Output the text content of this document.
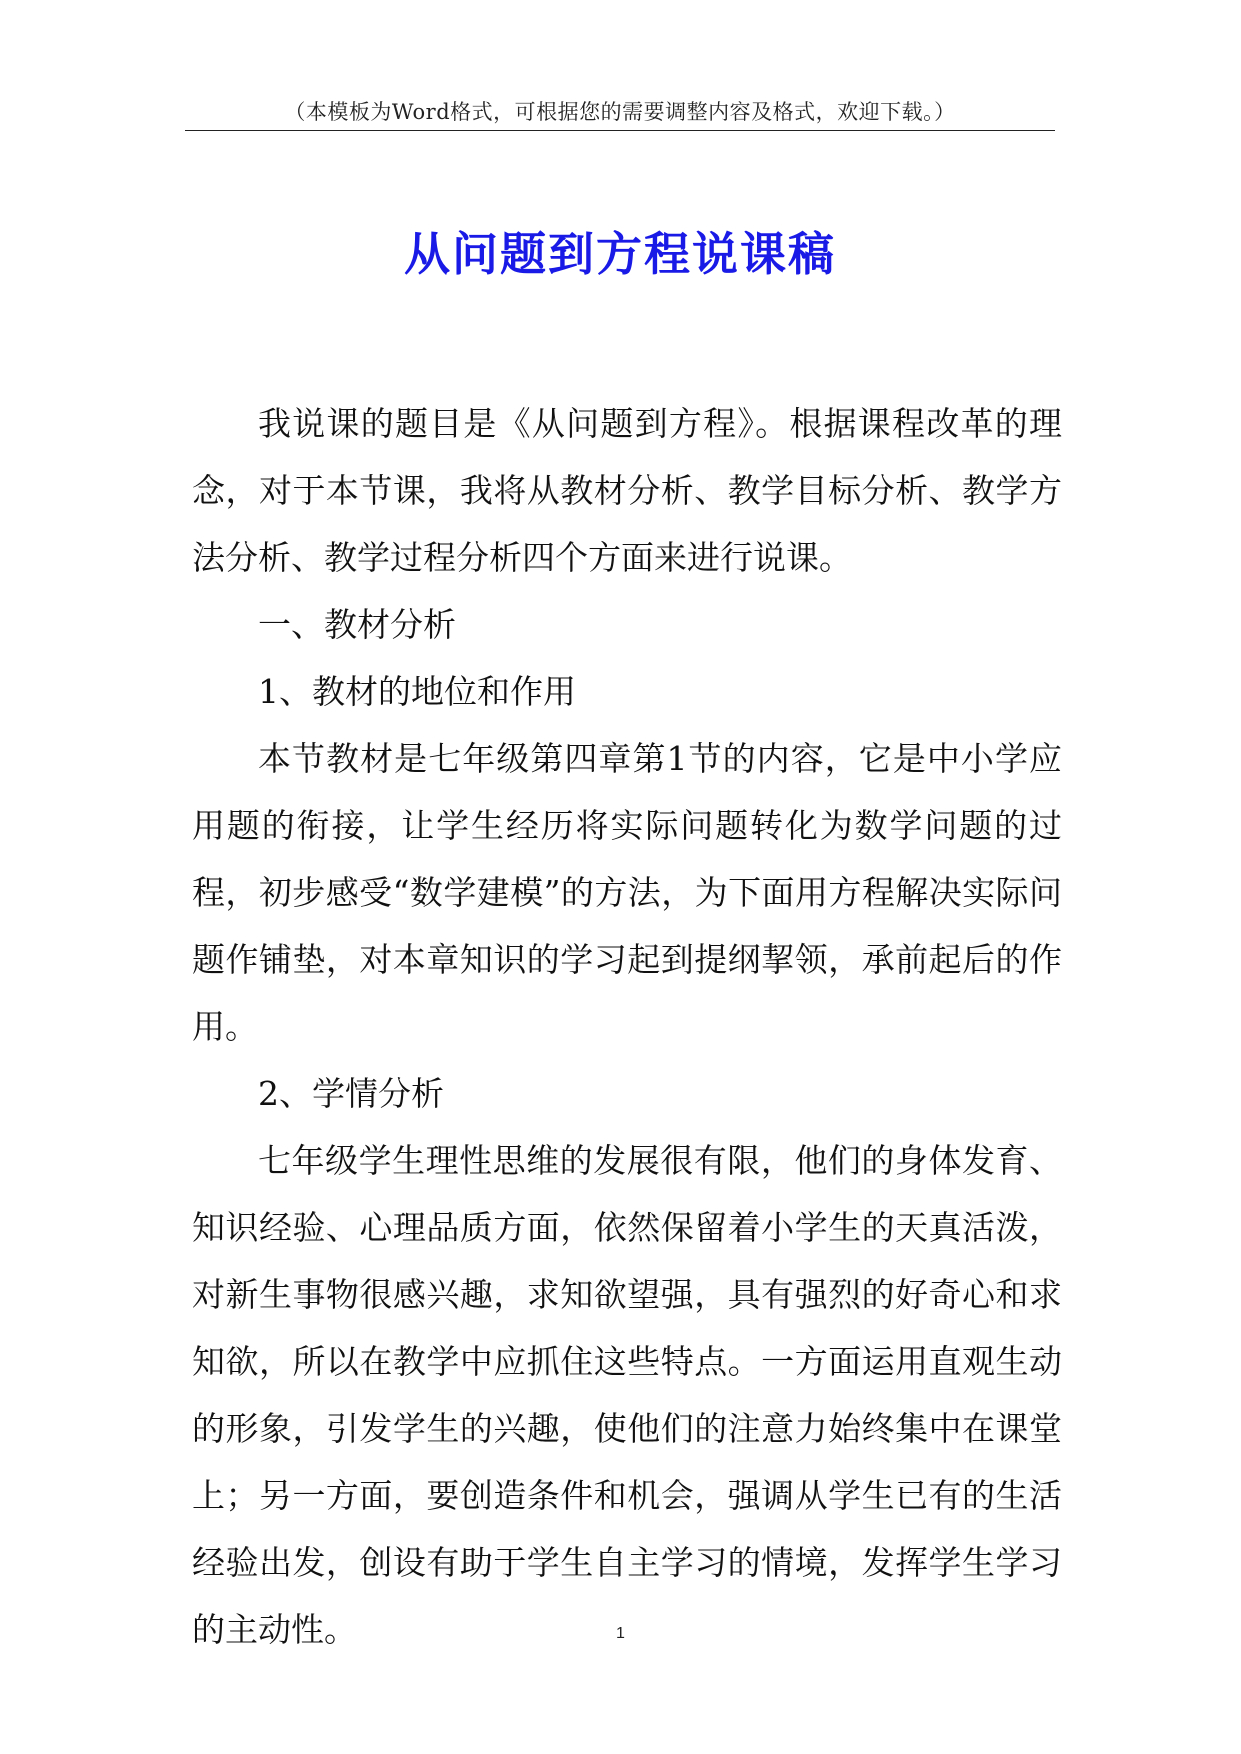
（本模板为Word格式，可根据您的需要调整内容及格式，欢迎下载。）
从问题到方程说课稿

我说课的题目是《从问题到方程》。根据课程改革的理念，对于本节课，我将从教材分析、教学目标分析、教学方法分析、教学过程分析四个方面来进行说课。

一、教材分析

1、教材的地位和作用

本节教材是七年级第四章第1节的内容，它是中小学应用题的衔接，让学生经历将实际问题转化为数学问题的过程，初步感受“数学建模”的方法，为下面用方程解决实际问题作铺垫，对本章知识的学习起到提纲挈领，承前起后的作用。

2、学情分析

七年级学生理性思维的发展很有限，他们的身体发育、知识经验、心理品质方面，依然保留着小学生的天真活泼，对新生事物很感兴趣，求知欲望强，具有强烈的好奇心和求知欲，所以在教学中应抓住这些特点。一方面运用直观生动的形象，引发学生的兴趣，使他们的注意力始终集中在课堂上；另一方面，要创造条件和机会，强调从学生已有的生活经验出发，创设有助于学生自主学习的情境，发挥学生学习的主动性。	1
